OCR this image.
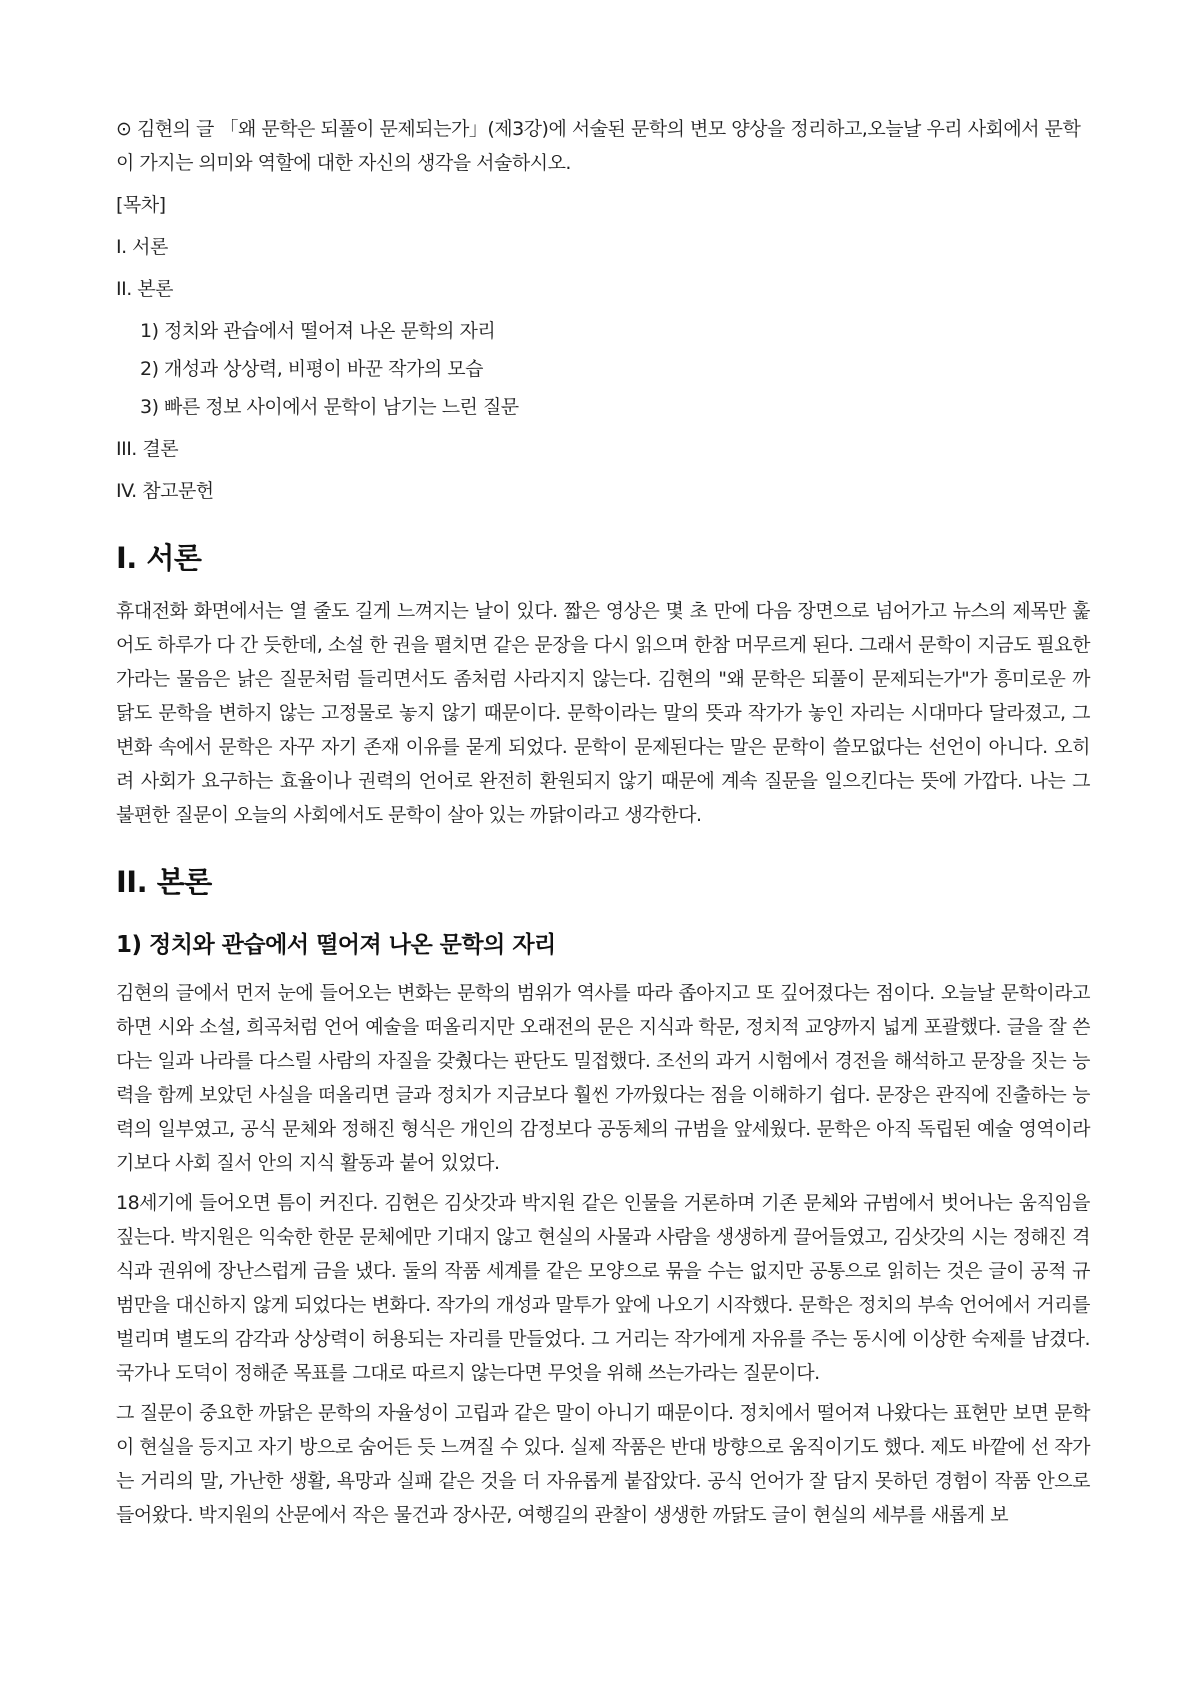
⊙ 김현의 글 「왜 문학은 되풀이 문제되는가」(제3강)에 서술된 문학의 변모 양상을 정리하고,오늘날 우리 사회에서 문학이 가지는 의미와 역할에 대한 자신의 생각을 서술하시오.

[목차]
I. 서론
II. 본론
1) 정치와 관습에서 떨어져 나온 문학의 자리
2) 개성과 상상력, 비평이 바꾼 작가의 모습
3) 빠른 정보 사이에서 문학이 남기는 느린 질문
III. 결론
IV. 참고문헌
I. 서론

휴대전화 화면에서는 열 줄도 길게 느껴지는 날이 있다. 짧은 영상은 몇 초 만에 다음 장면으로 넘어가고 뉴스의 제목만 훑어도 하루가 다 간 듯한데, 소설 한 권을 펼치면 같은 문장을 다시 읽으며 한참 머무르게 된다. 그래서 문학이 지금도 필요한가라는 물음은 낡은 질문처럼 들리면서도 좀처럼 사라지지 않는다. 김현의 "왜 문학은 되풀이 문제되는가"가 흥미로운 까닭도 문학을 변하지 않는 고정물로 놓지 않기 때문이다. 문학이라는 말의 뜻과 작가가 놓인 자리는 시대마다 달라졌고, 그 변화 속에서 문학은 자꾸 자기 존재 이유를 묻게 되었다. 문학이 문제된다는 말은 문학이 쓸모없다는 선언이 아니다. 오히려 사회가 요구하는 효율이나 권력의 언어로 완전히 환원되지 않기 때문에 계속 질문을 일으킨다는 뜻에 가깝다. 나는 그 불편한 질문이 오늘의 사회에서도 문학이 살아 있는 까닭이라고 생각한다.

II. 본론
1) 정치와 관습에서 떨어져 나온 문학의 자리

김현의 글에서 먼저 눈에 들어오는 변화는 문학의 범위가 역사를 따라 좁아지고 또 깊어졌다는 점이다. 오늘날 문학이라고 하면 시와 소설, 희곡처럼 언어 예술을 떠올리지만 오래전의 문은 지식과 학문, 정치적 교양까지 넓게 포괄했다. 글을 잘 쓴다는 일과 나라를 다스릴 사람의 자질을 갖췄다는 판단도 밀접했다. 조선의 과거 시험에서 경전을 해석하고 문장을 짓는 능력을 함께 보았던 사실을 떠올리면 글과 정치가 지금보다 훨씬 가까웠다는 점을 이해하기 쉽다. 문장은 관직에 진출하는 능력의 일부였고, 공식 문체와 정해진 형식은 개인의 감정보다 공동체의 규범을 앞세웠다. 문학은 아직 독립된 예술 영역이라기보다 사회 질서 안의 지식 활동과 붙어 있었다.

18세기에 들어오면 틈이 커진다. 김현은 김삿갓과 박지원 같은 인물을 거론하며 기존 문체와 규범에서 벗어나는 움직임을 짚는다. 박지원은 익숙한 한문 문체에만 기대지 않고 현실의 사물과 사람을 생생하게 끌어들였고, 김삿갓의 시는 정해진 격식과 권위에 장난스럽게 금을 냈다. 둘의 작품 세계를 같은 모양으로 묶을 수는 없지만 공통으로 읽히는 것은 글이 공적 규범만을 대신하지 않게 되었다는 변화다. 작가의 개성과 말투가 앞에 나오기 시작했다. 문학은 정치의 부속 언어에서 거리를 벌리며 별도의 감각과 상상력이 허용되는 자리를 만들었다. 그 거리는 작가에게 자유를 주는 동시에 이상한 숙제를 남겼다. 국가나 도덕이 정해준 목표를 그대로 따르지 않는다면 무엇을 위해 쓰는가라는 질문이다.

그 질문이 중요한 까닭은 문학의 자율성이 고립과 같은 말이 아니기 때문이다. 정치에서 떨어져 나왔다는 표현만 보면 문학이 현실을 등지고 자기 방으로 숨어든 듯 느껴질 수 있다. 실제 작품은 반대 방향으로 움직이기도 했다. 제도 바깥에 선 작가는 거리의 말, 가난한 생활, 욕망과 실패 같은 것을 더 자유롭게 붙잡았다. 공식 언어가 잘 담지 못하던 경험이 작품 안으로 들어왔다. 박지원의 산문에서 작은 물건과 장사꾼, 여행길의 관찰이 생생한 까닭도 글이 현실의 세부를 새롭게 보
